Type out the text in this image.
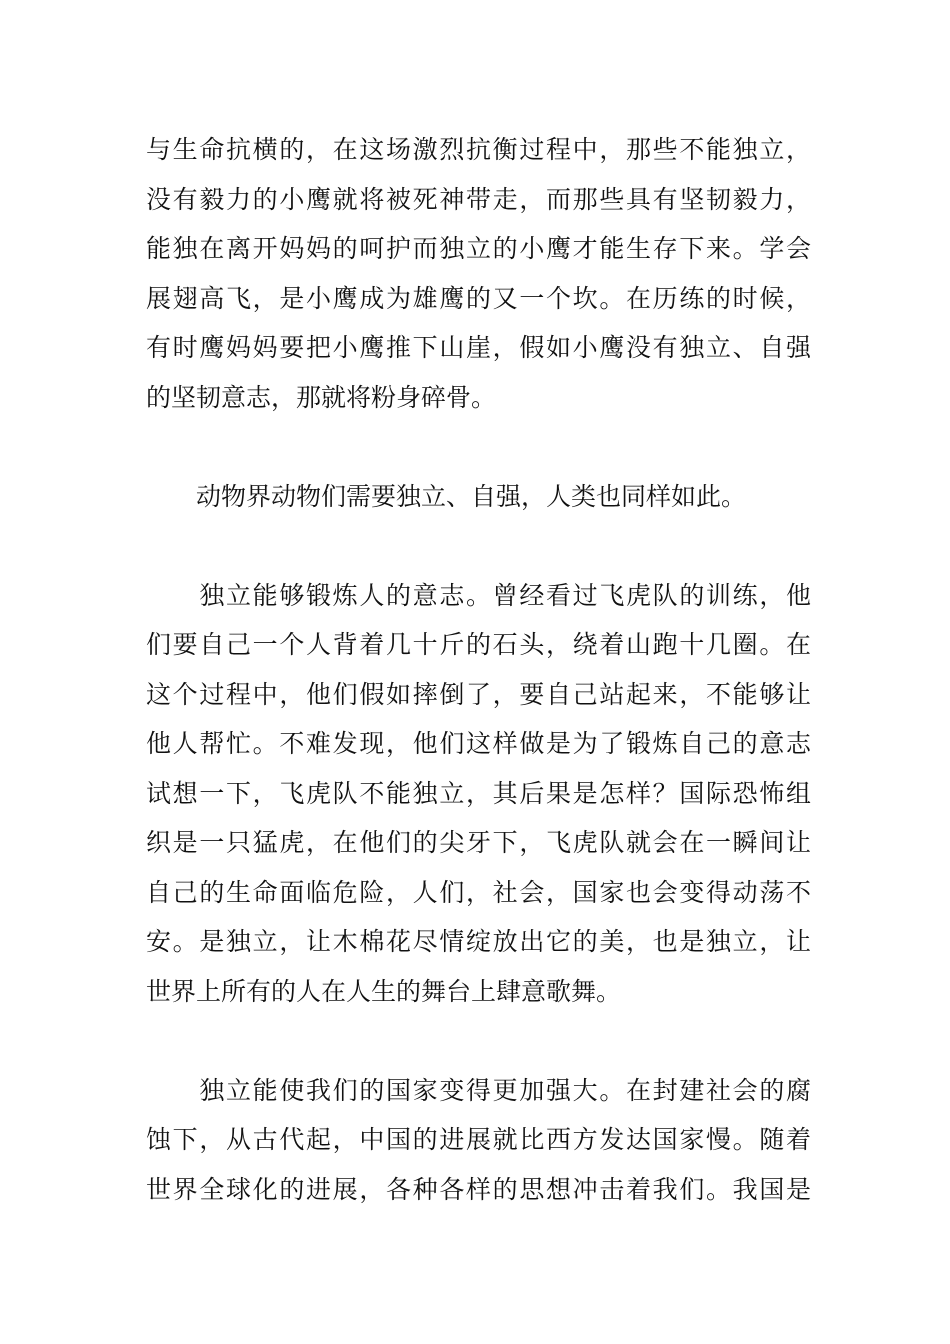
与生命抗横的，在这场激烈抗衡过程中，那些不能独立，
没有毅力的小鹰就将被死神带走，而那些具有坚韧毅力，
能独在离开妈妈的呵护而独立的小鹰才能生存下来。学会
展翅高飞，是小鹰成为雄鹰的又一个坎。在历练的时候，
有时鹰妈妈要把小鹰推下山崖，假如小鹰没有独立、自强
的坚韧意志，那就将粉身碎骨。
　　动物界动物们需要独立、自强，人类也同样如此。
　　独立能够锻炼人的意志。曾经看过飞虎队的训练，他
们要自己一个人背着几十斤的石头，绕着山跑十几圈。在
这个过程中，他们假如摔倒了，要自己站起来，不能够让
他人帮忙。不难发现，他们这样做是为了锻炼自己的意志
试想一下，飞虎队不能独立，其后果是怎样？国际恐怖组
织是一只猛虎，在他们的尖牙下，飞虎队就会在一瞬间让
自己的生命面临危险，人们，社会，国家也会变得动荡不
安。是独立，让木棉花尽情绽放出它的美，也是独立，让
世界上所有的人在人生的舞台上肆意歌舞。
　　独立能使我们的国家变得更加强大。在封建社会的腐
蚀下，从古代起，中国的进展就比西方发达国家慢。随着
世界全球化的进展，各种各样的思想冲击着我们。我国是
